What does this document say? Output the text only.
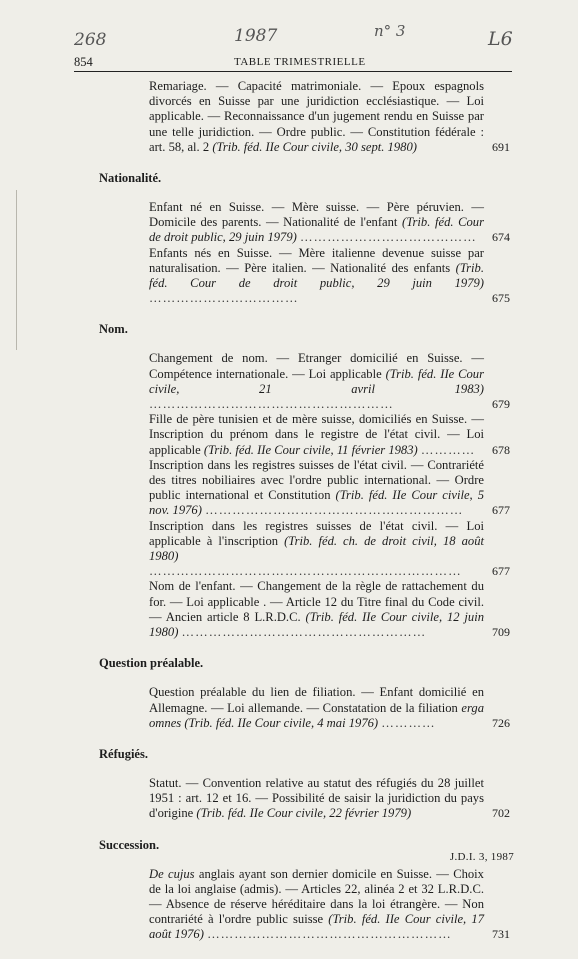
268	1987	n° 3	L6
854	TABLE TRIMESTRIELLE
Remariage. — Capacité matrimoniale. — Epoux espagnols divorcés en Suisse par une juridiction ecclésiastique. — Loi applicable. — Reconnaissance d'un jugement rendu en Suisse par une telle juridiction. — Ordre public. — Constitution fédérale : art. 58, al. 2 (Trib. féd. IIe Cour civile, 30 sept. 1980)	691
Nationalité.
Enfant né en Suisse. — Mère suisse. — Père péruvien. — Domicile des parents. — Nationalité de l'enfant (Trib. féd. Cour de droit public, 29 juin 1979) …………………………………	674
Enfants nés en Suisse. — Mère italienne devenue suisse par naturalisation. — Père italien. — Nationalité des enfants (Trib. féd. Cour de droit public, 29 juin 1979) ……………………………	675
Nom.
Changement de nom. — Etranger domicilié en Suisse. — Compétence internationale. — Loi applicable (Trib. féd. IIe Cour civile, 21 avril 1983) ………………………………………………	679
Fille de père tunisien et de mère suisse, domiciliés en Suisse. — Inscription du prénom dans le registre de l'état civil. — Loi applicable (Trib. féd. IIe Cour civile, 11 février 1983) …………	678
Inscription dans les registres suisses de l'état civil. — Contrariété des titres nobiliaires avec l'ordre public international. — Ordre public international et Constitution (Trib. féd. IIe Cour civile, 5 nov. 1976) …………………………………………………	677
Inscription dans les registres suisses de l'état civil. — Loi applicable à l'inscription (Trib. féd. ch. de droit civil, 18 août 1980) ……………………………………………………………	677
Nom de l'enfant. — Changement de la règle de rattachement du for. — Loi applicable . — Article 12 du Titre final du Code civil. — Ancien article 8 L.R.D.C. (Trib. féd. IIe Cour civile, 12 juin 1980) ………………………………………………	709
Question préalable.
Question préalable du lien de filiation. — Enfant domicilié en Allemagne. — Loi allemande. — Constatation de la filiation erga omnes (Trib. féd. IIe Cour civile, 4 mai 1976) …………	726
Réfugiés.
Statut. — Convention relative au statut des réfugiés du 28 juillet 1951 : art. 12 et 16. — Possibilité de saisir la juridiction du pays d'origine (Trib. féd. IIe Cour civile, 22 février 1979)	702
Succession.
De cujus anglais ayant son dernier domicile en Suisse. — Choix de la loi anglaise (admis). — Articles 22, alinéa 2 et 32 L.R.D.C. — Absence de réserve héréditaire dans la loi étrangère. — Non contrariété à l'ordre public suisse (Trib. féd. IIe Cour civile, 17 août 1976) ………………………………………………	731
J.D.I. 3, 1987
